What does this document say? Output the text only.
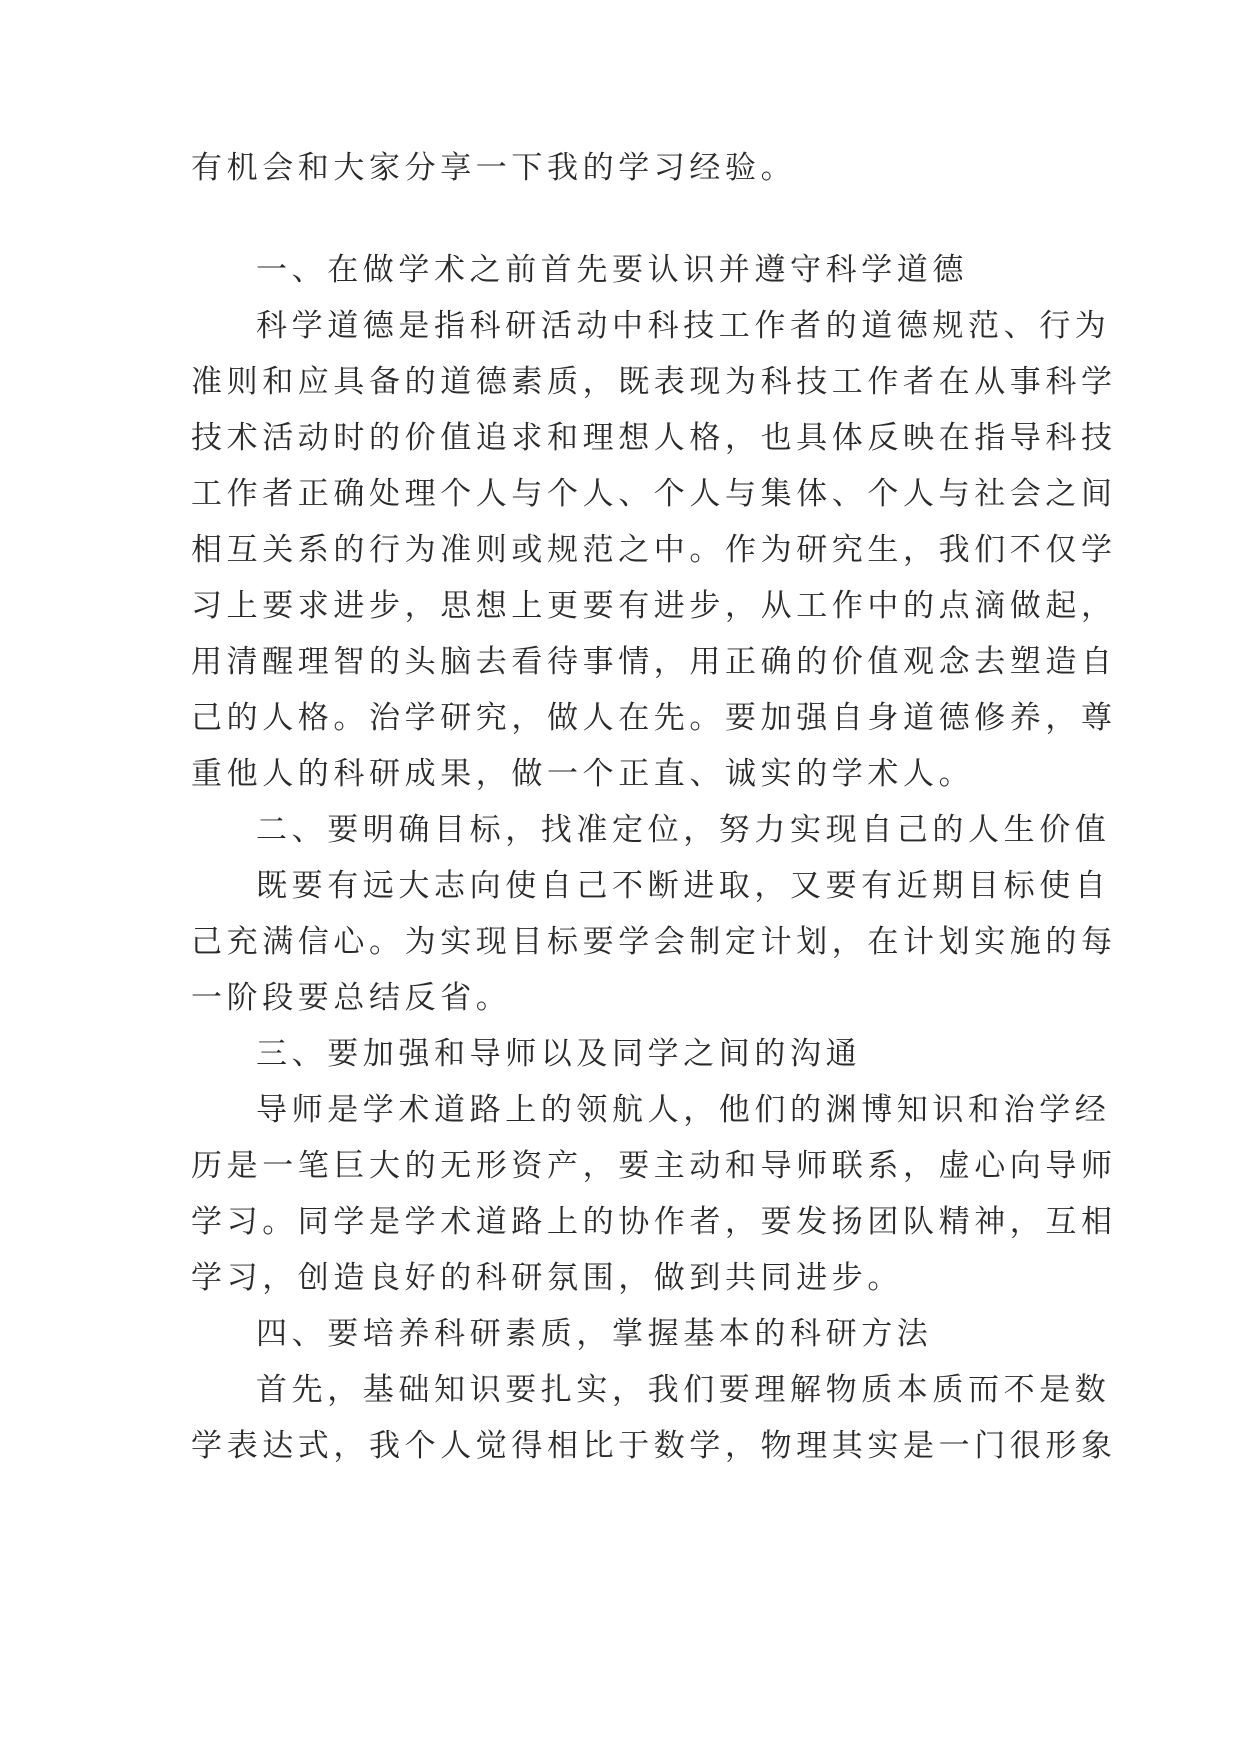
有机会和大家分享一下我的学习经验。
一、在做学术之前首先要认识并遵守科学道德
科学道德是指科研活动中科技工作者的道德规范、行为
准则和应具备的道德素质，既表现为科技工作者在从事科学
技术活动时的价值追求和理想人格，也具体反映在指导科技
工作者正确处理个人与个人、个人与集体、个人与社会之间
相互关系的行为准则或规范之中。作为研究生，我们不仅学
习上要求进步，思想上更要有进步，从工作中的点滴做起，
用清醒理智的头脑去看待事情，用正确的价值观念去塑造自
己的人格。治学研究，做人在先。要加强自身道德修养，尊
重他人的科研成果，做一个正直、诚实的学术人。
二、要明确目标，找准定位，努力实现自己的人生价值
既要有远大志向使自己不断进取，又要有近期目标使自
己充满信心。为实现目标要学会制定计划，在计划实施的每
一阶段要总结反省。
三、要加强和导师以及同学之间的沟通
导师是学术道路上的领航人，他们的渊博知识和治学经
历是一笔巨大的无形资产，要主动和导师联系，虚心向导师
学习。同学是学术道路上的协作者，要发扬团队精神，互相
学习，创造良好的科研氛围，做到共同进步。
四、要培养科研素质，掌握基本的科研方法
首先，基础知识要扎实，我们要理解物质本质而不是数
学表达式，我个人觉得相比于数学，物理其实是一门很形象
